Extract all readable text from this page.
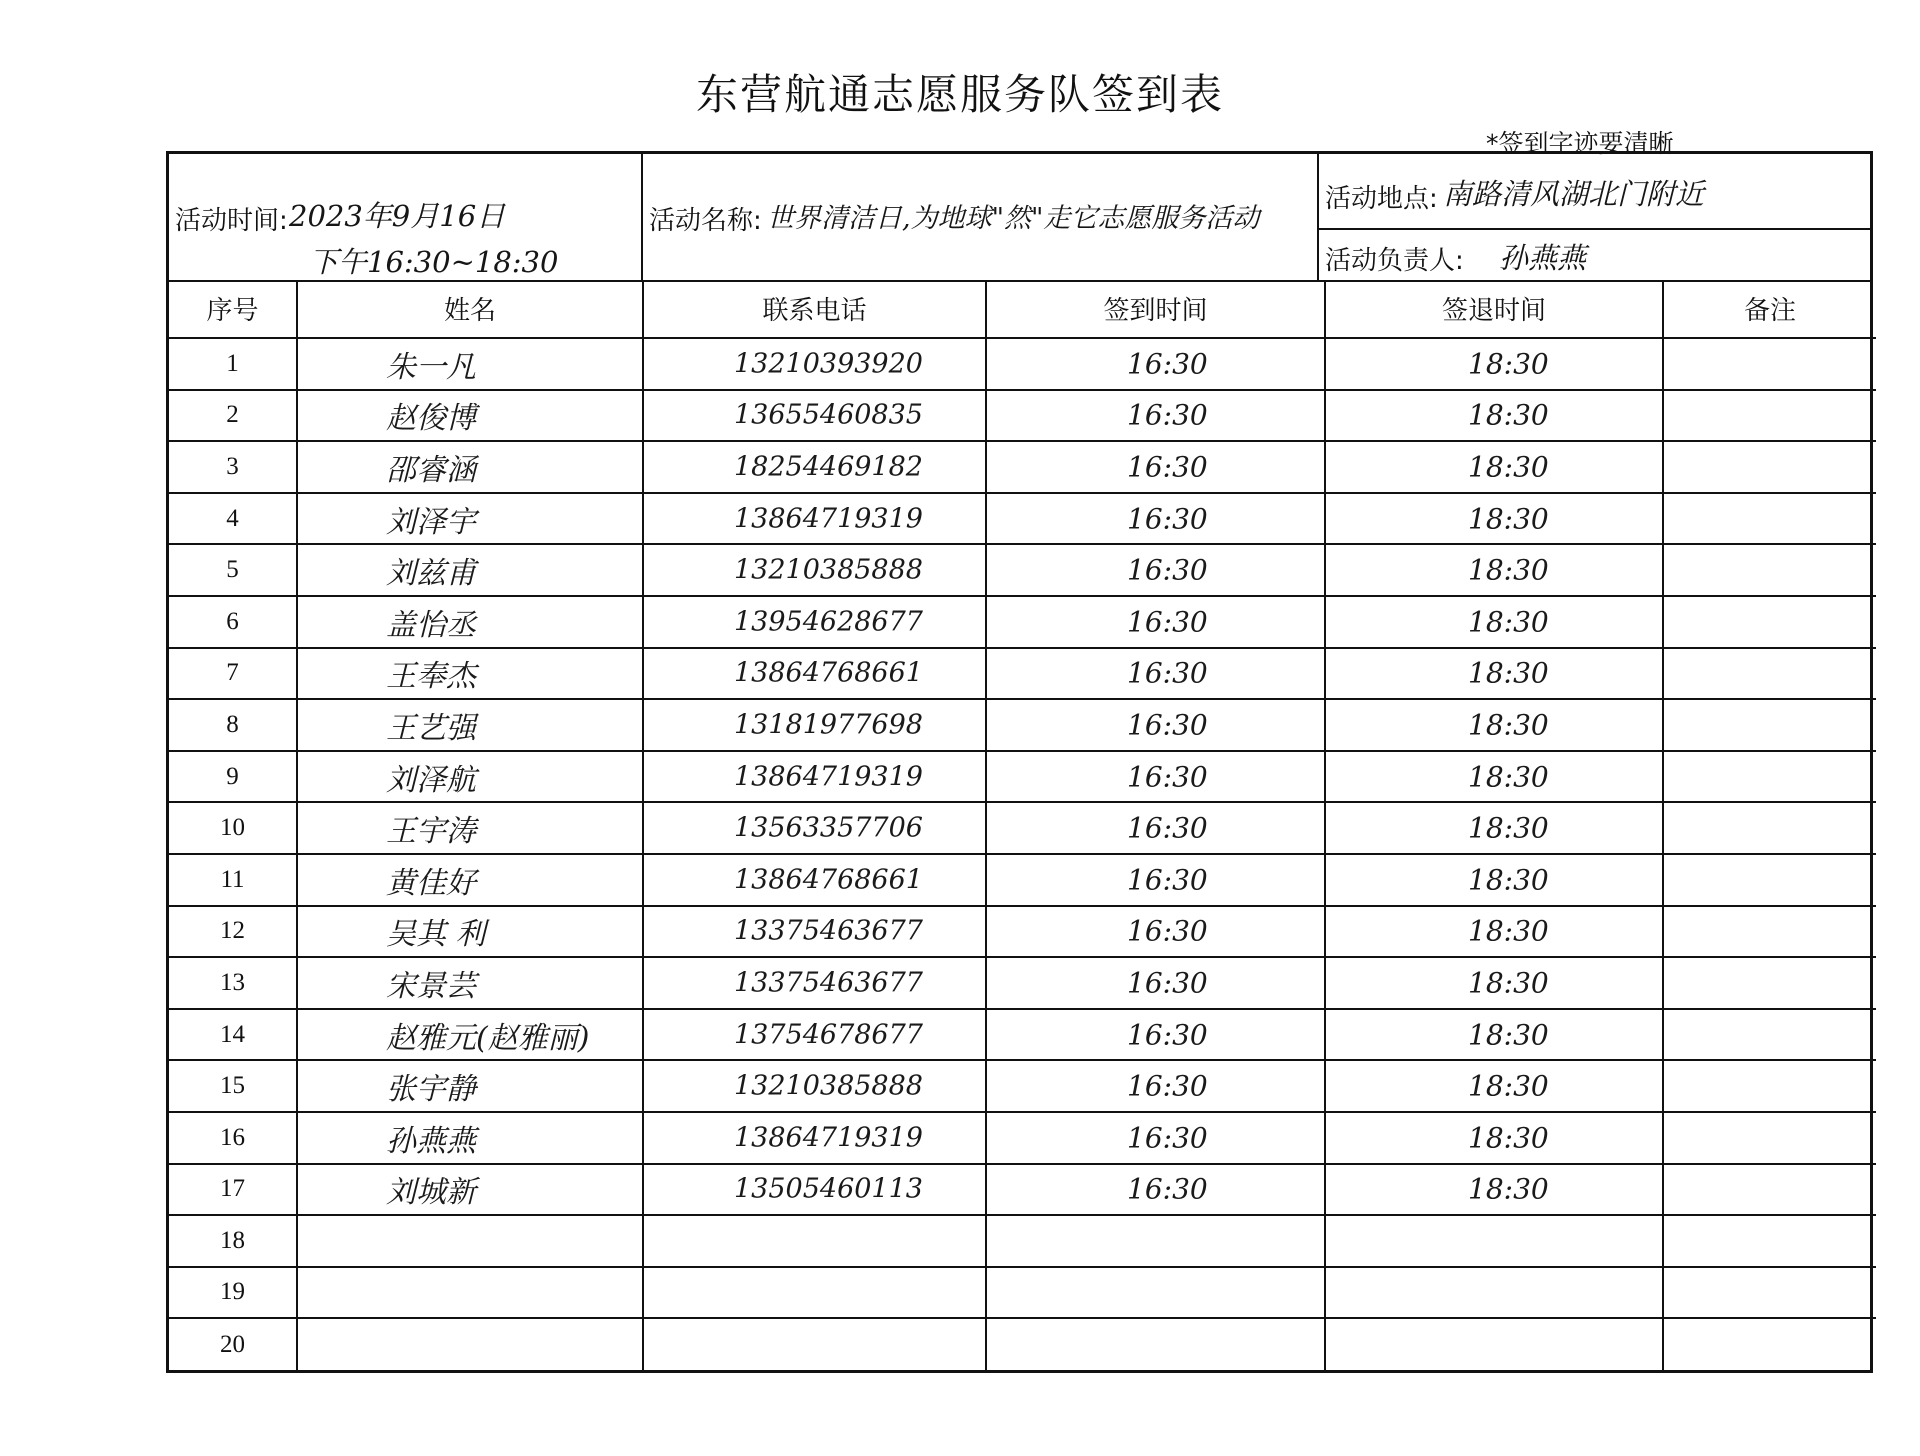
东营航通志愿服务队签到表
*签到字迹要清晰
活动时间: 2023年9月16日
下午16:30~18:30
活动名称: 世界清洁日,为地球"然"走它志愿服务活动
活动地点: 南路清风湖北门附近
活动负责人: 孙燕燕
序号	姓名	联系电话	签到时间	签退时间	备注
1	朱一凡	13210393920	16:30	18:30	

2	赵俊博	13655460835	16:30	18:30	

3	邵睿涵	18254469182	16:30	18:30	

4	刘泽宇	13864719319	16:30	18:30	

5	刘兹甫	13210385888	16:30	18:30	

6	盖怡丞	13954628677	16:30	18:30	

7	王奉杰	13864768661	16:30	18:30	

8	王艺强	13181977698	16:30	18:30	

9	刘泽航	13864719319	16:30	18:30	

10	王宇涛	13563357706	16:30	18:30	

11	黄佳好	13864768661	16:30	18:30	

12	吴其 利	13375463677	16:30	18:30	

13	宋景芸	13375463677	16:30	18:30	

14	赵雅元(赵雅丽)	13754678677	16:30	18:30	

15	张宇静	13210385888	16:30	18:30	

16	孙燕燕	13864719319	16:30	18:30	

17	刘城新	13505460113	16:30	18:30	

18	

19	

20	
